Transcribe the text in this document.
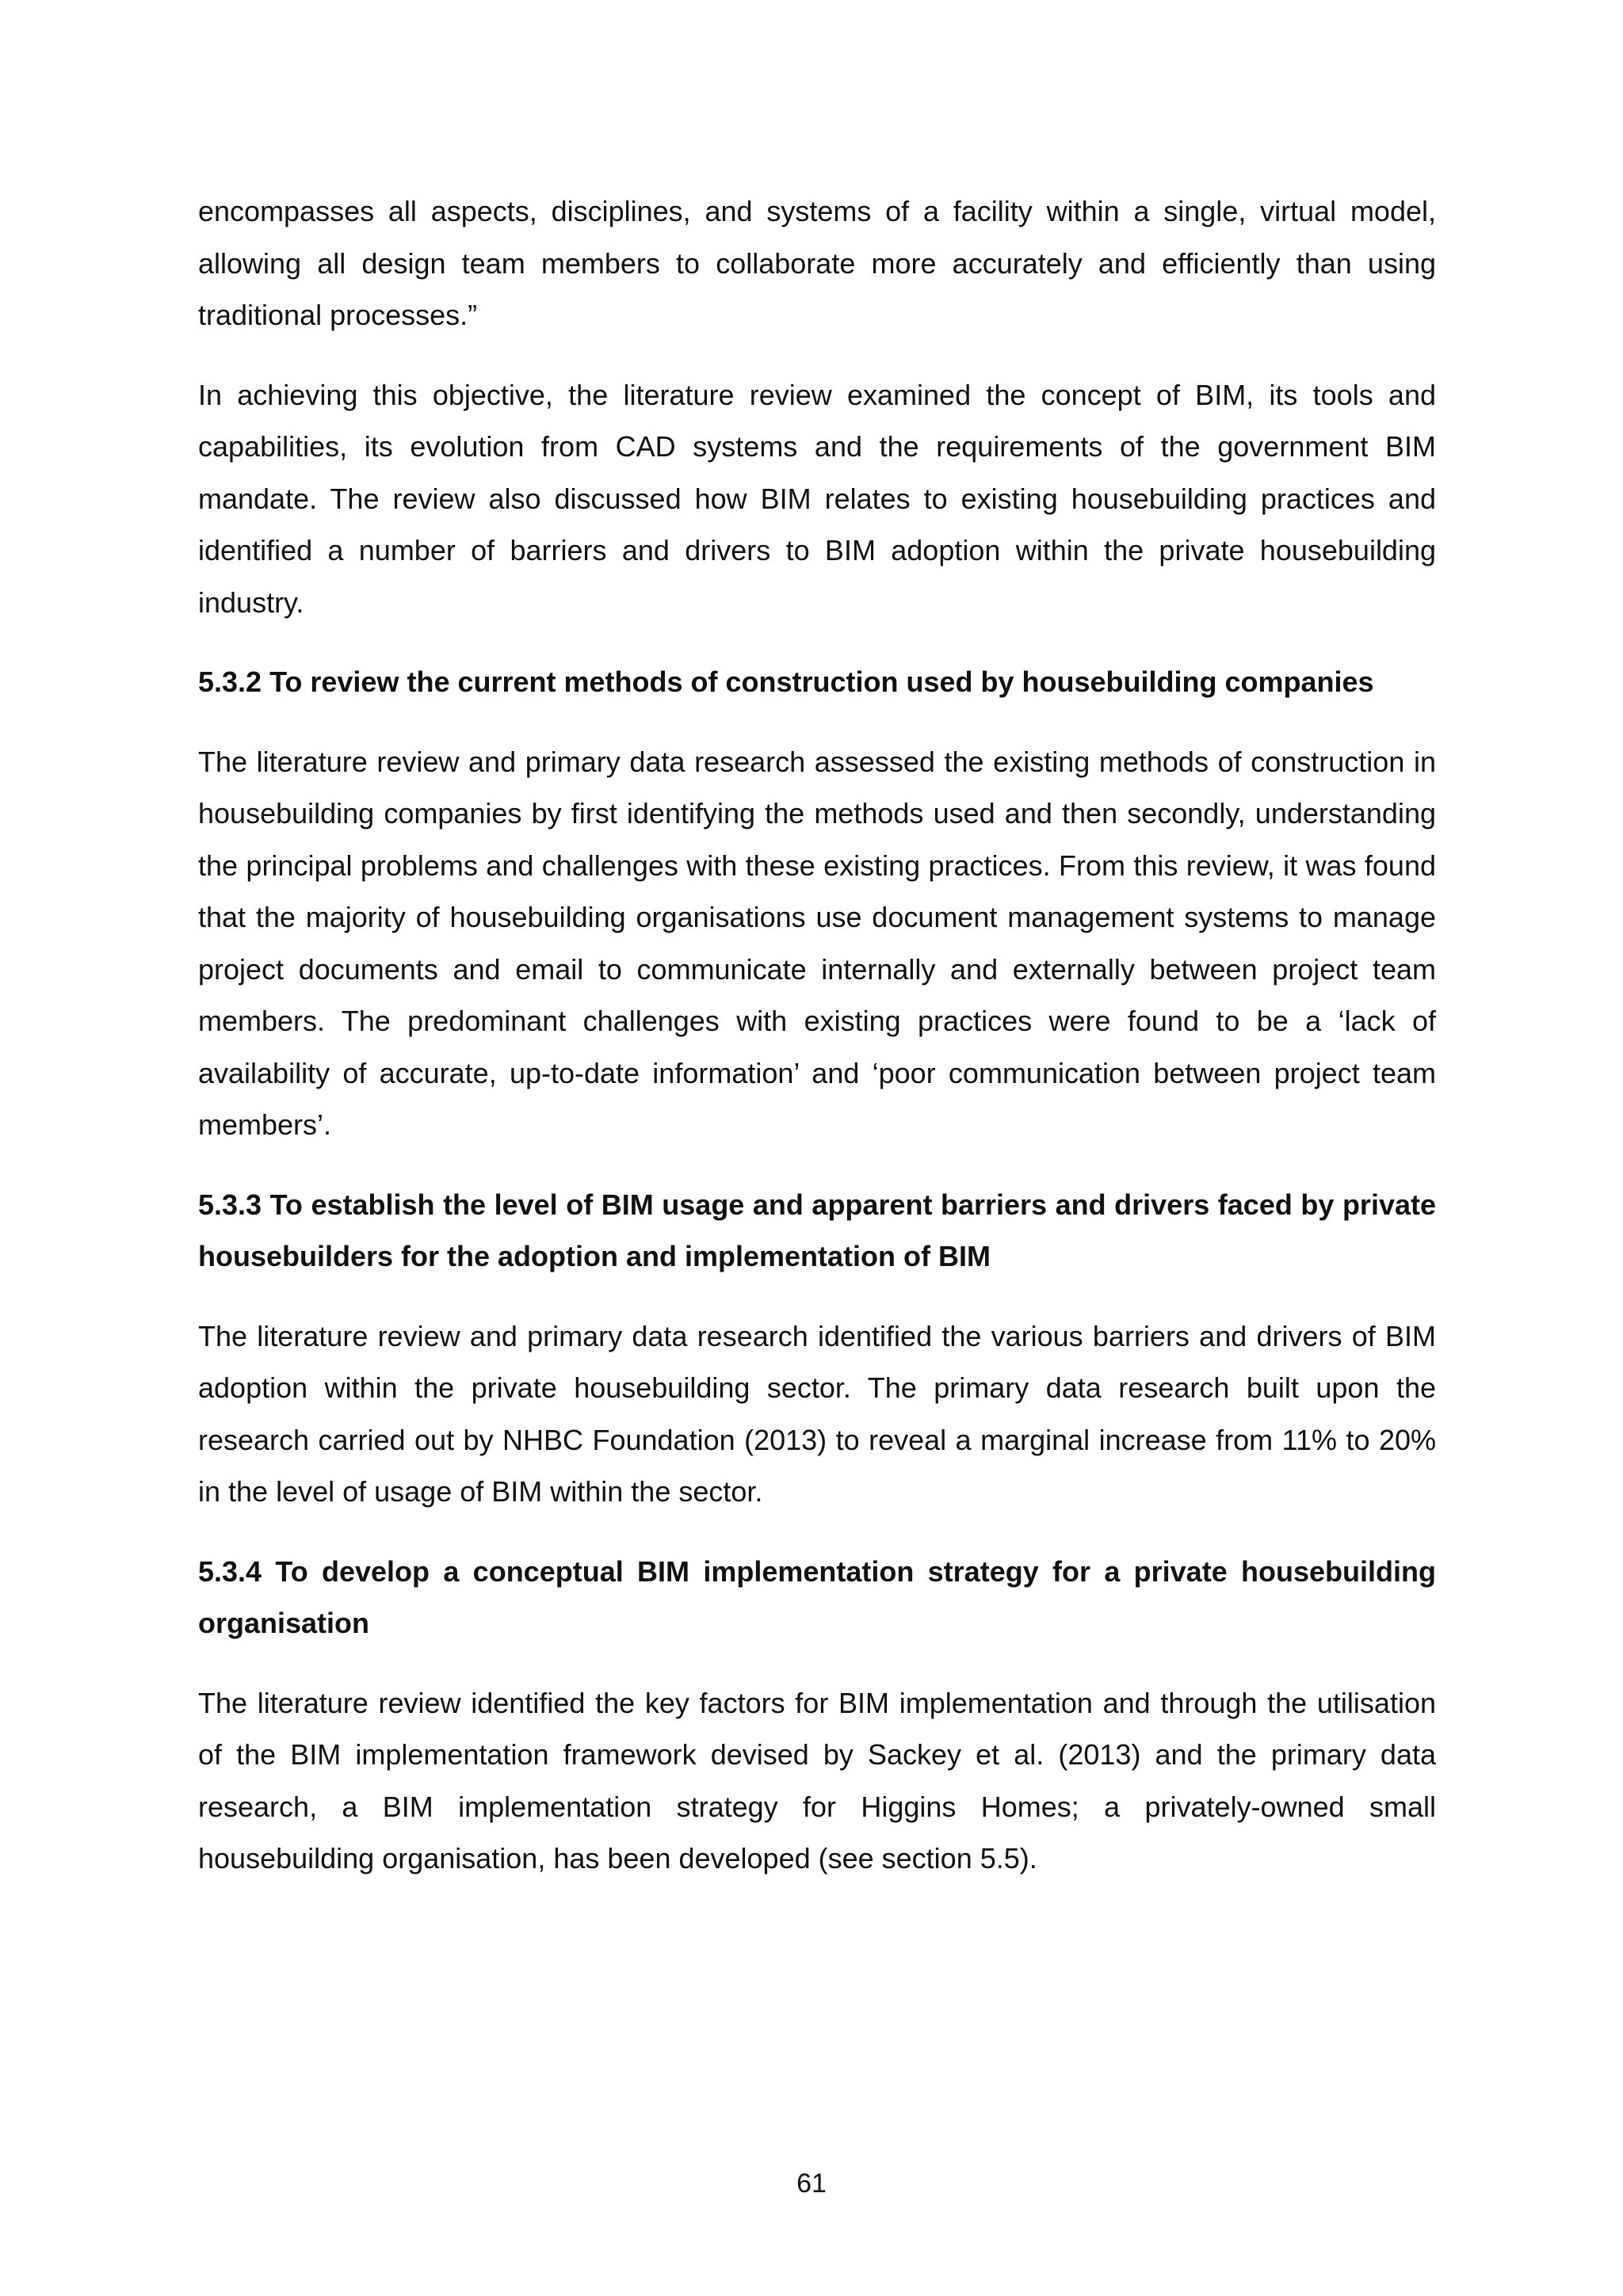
encompasses all aspects, disciplines, and systems of a facility within a single, virtual model, allowing all design team members to collaborate more accurately and efficiently than using traditional processes.”

In achieving this objective, the literature review examined the concept of BIM, its tools and capabilities, its evolution from CAD systems and the requirements of the government BIM mandate. The review also discussed how BIM relates to existing housebuilding practices and identified a number of barriers and drivers to BIM adoption within the private housebuilding industry.

5.3.2 To review the current methods of construction used by housebuilding companies

The literature review and primary data research assessed the existing methods of construction in housebuilding companies by first identifying the methods used and then secondly, understanding the principal problems and challenges with these existing practices. From this review, it was found that the majority of housebuilding organisations use document management systems to manage project documents and email to communicate internally and externally between project team members. The predominant challenges with existing practices were found to be a ‘lack of availability of accurate, up-to-date information’ and ‘poor communication between project team members’.

5.3.3 To establish the level of BIM usage and apparent barriers and drivers faced by private housebuilders for the adoption and implementation of BIM

The literature review and primary data research identified the various barriers and drivers of BIM adoption within the private housebuilding sector. The primary data research built upon the research carried out by NHBC Foundation (2013) to reveal a marginal increase from 11% to 20% in the level of usage of BIM within the sector.

5.3.4 To develop a conceptual BIM implementation strategy for a private housebuilding organisation

The literature review identified the key factors for BIM implementation and through the utilisation of the BIM implementation framework devised by Sackey et al. (2013) and the primary data research, a BIM implementation strategy for Higgins Homes; a privately-owned small housebuilding organisation, has been developed (see section 5.5).

61
